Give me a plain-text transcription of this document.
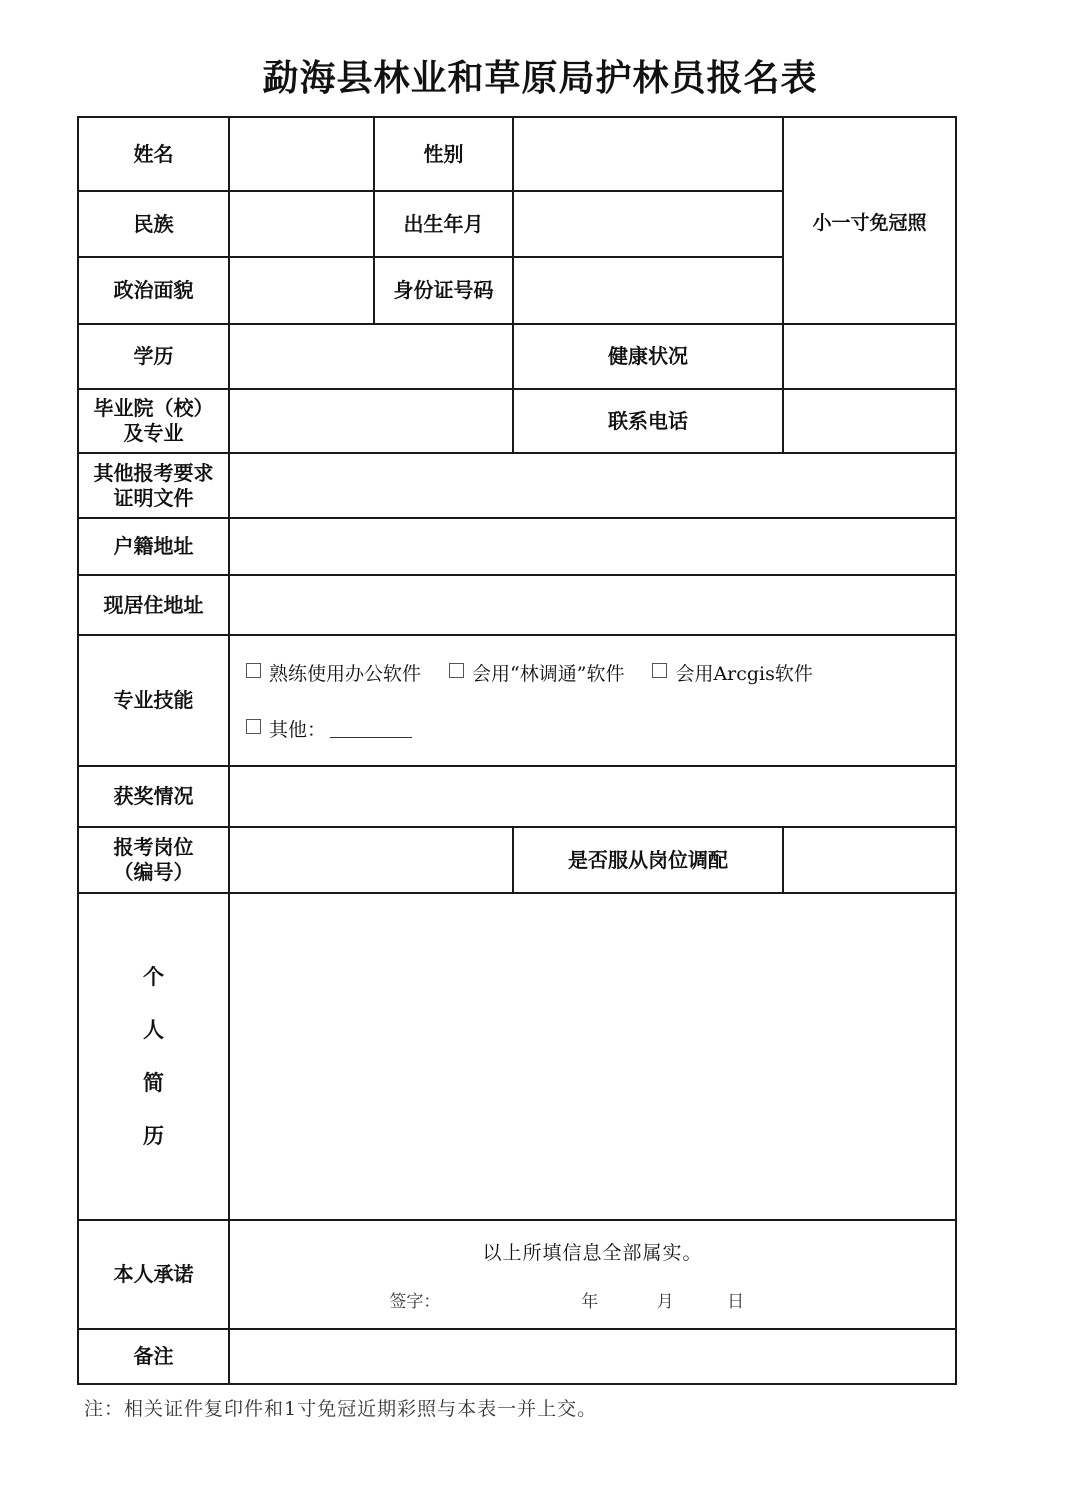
勐海县林业和草原局护林员报名表
姓名		性别		小一寸免冠照

民族		出生年月		
政治面貌		身份证号码		
学历			健康状况	

毕业院（校）
及专业			联系电话	

其他报考要求
证明文件				

户籍地址				
现居住地址				
专业技能	熟练使用办公软件 会用“林调通”软件 会用Arcgis软件
其他：			

获奖情况				

报考岗位
（编号）			是否服从岗位调配	

个
人
简
历				

本人承诺	以上所填信息全部属实。
签字： 年 月 日			

备注				
注：相关证件复印件和1寸免冠近期彩照与本表一并上交。
